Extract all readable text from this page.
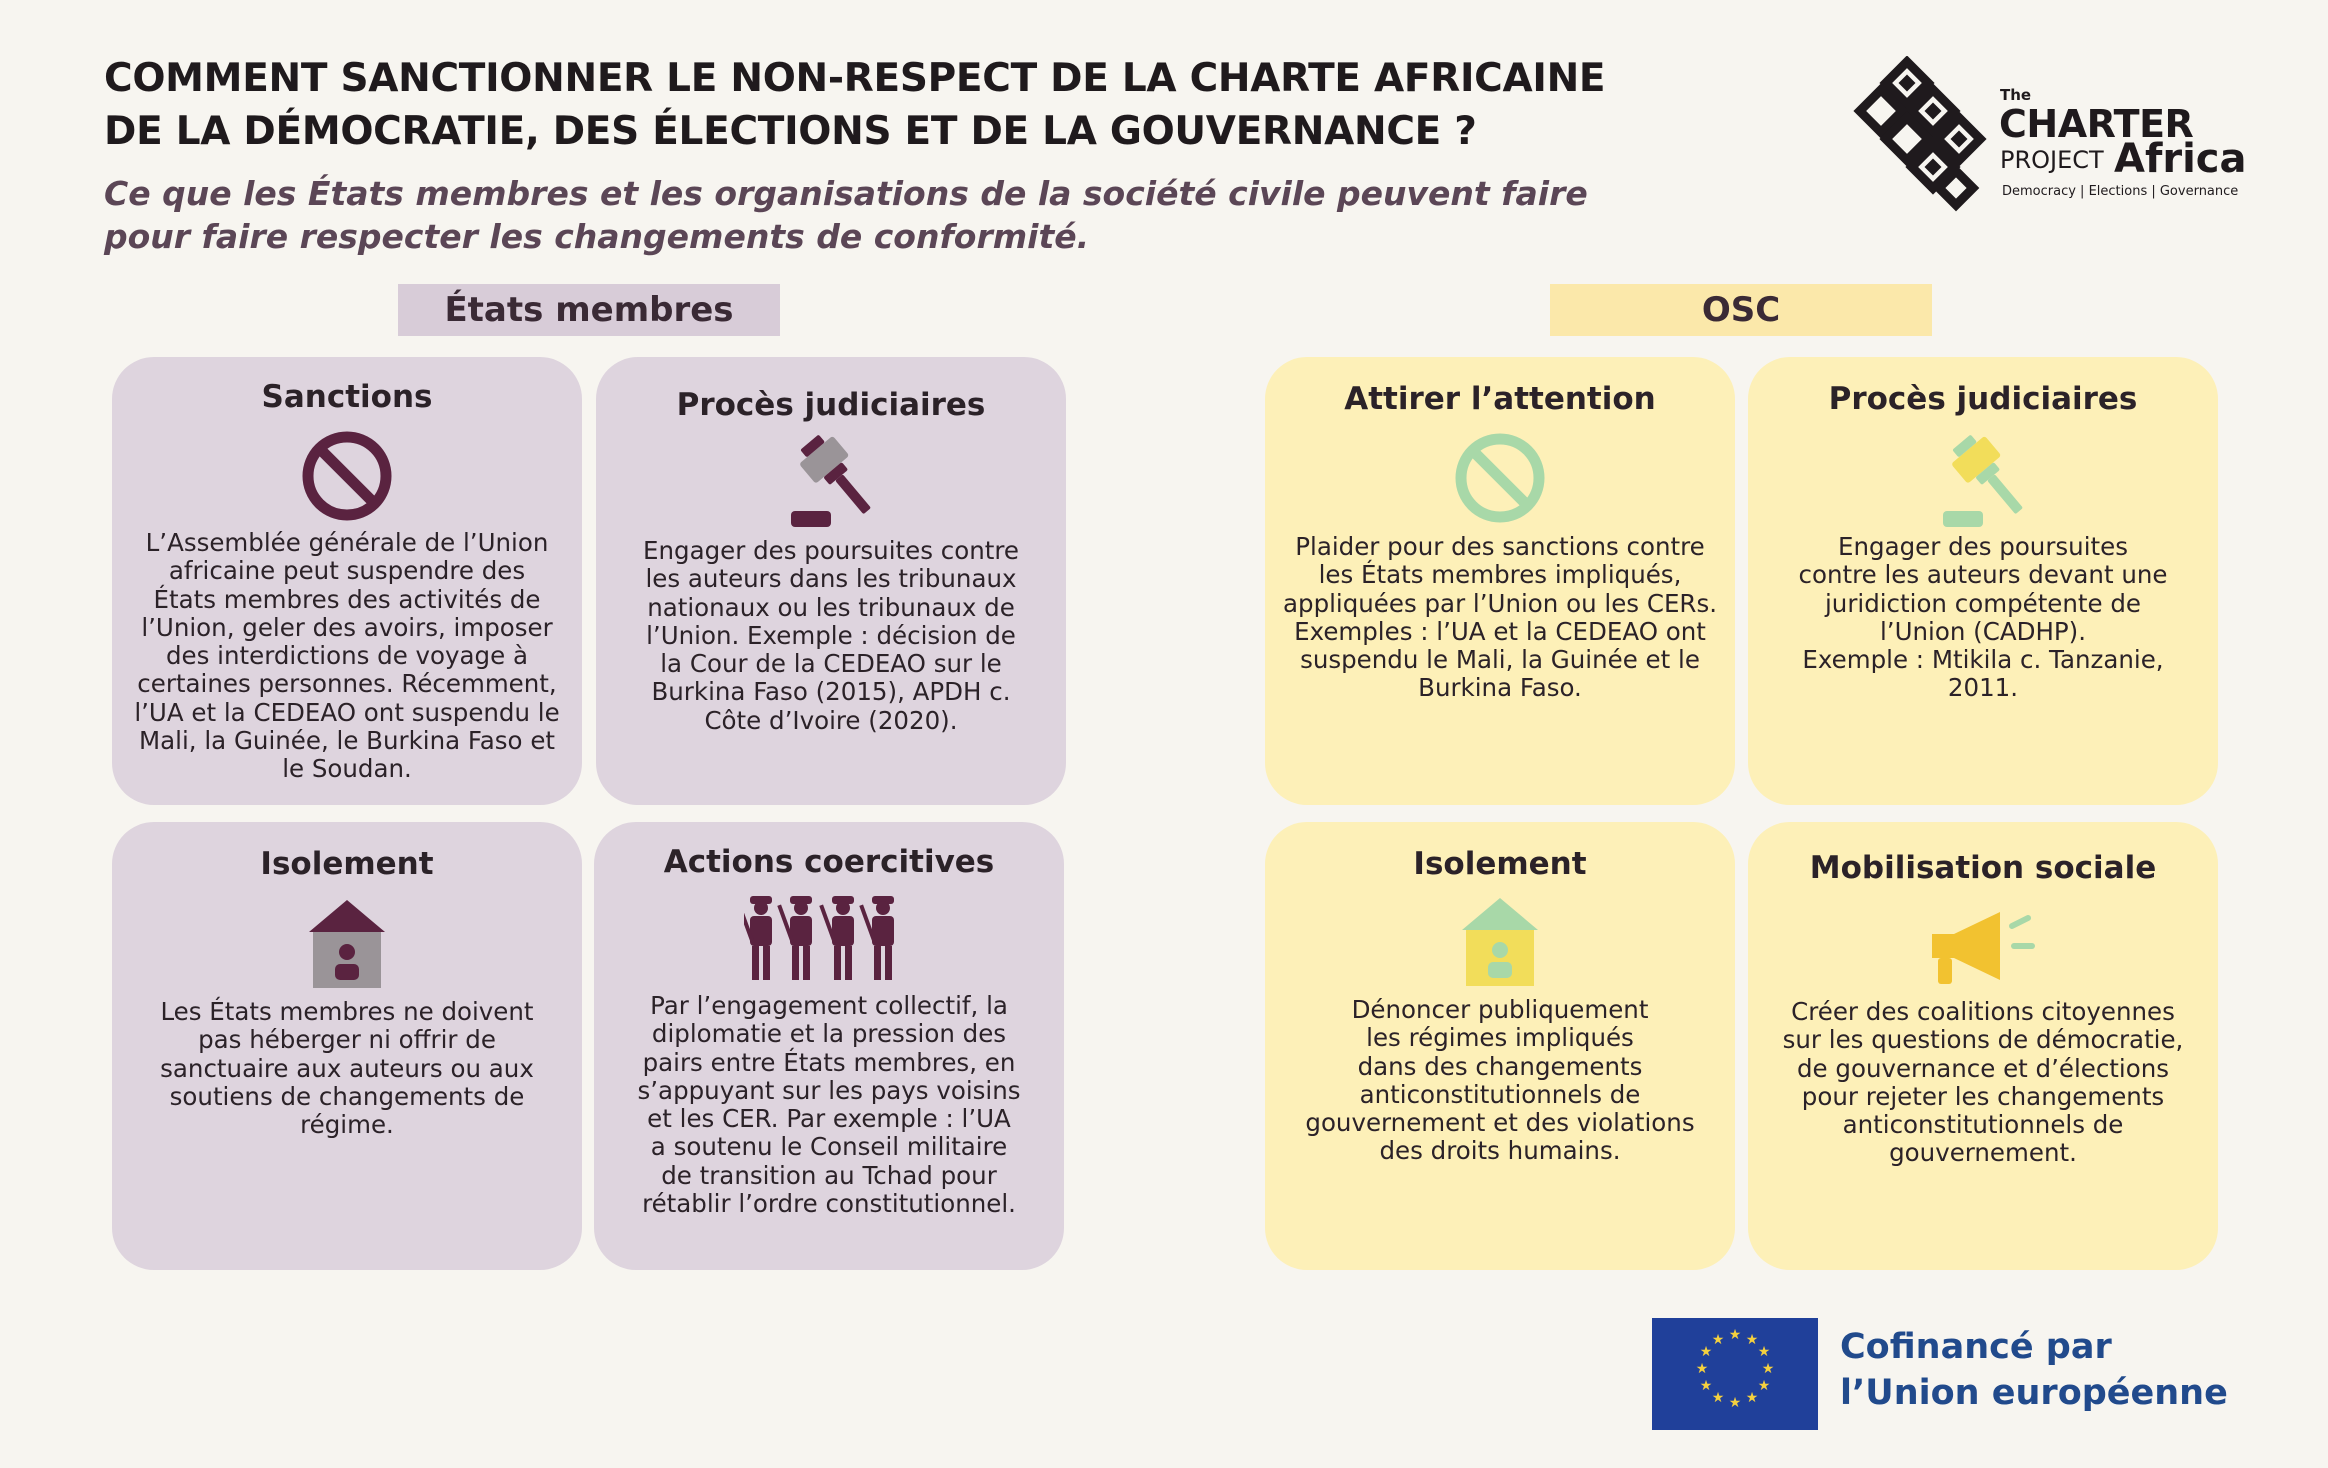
COMMENT SANCTIONNER LE NON-RESPECT DE LA CHARTE AFRICAINE
DE LA DÉMOCRATIE, DES ÉLECTIONS ET DE LA GOUVERNANCE ?
Ce que les États membres et les organisations de la société civile peuvent faire
pour faire respecter les changements de conformité.
The
CHARTER
PROJECT Africa
Democracy | Elections | Governance
États membres	OSC
Sanctions
L’Assemblée générale de l’Union
africaine peut suspendre des
États membres des activités de
l’Union, geler des avoirs, imposer
des interdictions de voyage à
certaines personnes. Récemment,
l’UA et la CEDEAO ont suspendu le
Mali, la Guinée, le Burkina Faso et
le Soudan.
Procès judiciaires
Engager des poursuites contre
les auteurs dans les tribunaux
nationaux ou les tribunaux de
l’Union. Exemple : décision de
la Cour de la CEDEAO sur le
Burkina Faso (2015), APDH c.
Côte d’Ivoire (2020).
Isolement
Les États membres ne doivent
pas héberger ni offrir de
sanctuaire aux auteurs ou aux
soutiens de changements de
régime.
Actions coercitives
Par l’engagement collectif, la
diplomatie et la pression des
pairs entre États membres, en
s’appuyant sur les pays voisins
et les CER. Par exemple : l’UA
a soutenu le Conseil militaire
de transition au Tchad pour
rétablir l’ordre constitutionnel.
Attirer l’attention
Plaider pour des sanctions contre
les États membres impliqués,
appliquées par l’Union ou les CERs.
Exemples : l’UA et la CEDEAO ont
suspendu le Mali, la Guinée et le
Burkina Faso.
Procès judiciaires
Engager des poursuites
contre les auteurs devant une
juridiction compétente de
l’Union (CADHP).
Exemple : Mtikila c. Tanzanie,
2011.
Isolement
Dénoncer publiquement
les régimes impliqués
dans des changements
anticonstitutionnels de
gouvernement et des violations
des droits humains.
Mobilisation sociale
Créer des coalitions citoyennes
sur les questions de démocratie,
de gouvernance et d’élections
pour rejeter les changements
anticonstitutionnels de
gouvernement.
★ ★
★
★
★
★
★
★
★
★
★
★	Cofinancé par
l’Union européenne
